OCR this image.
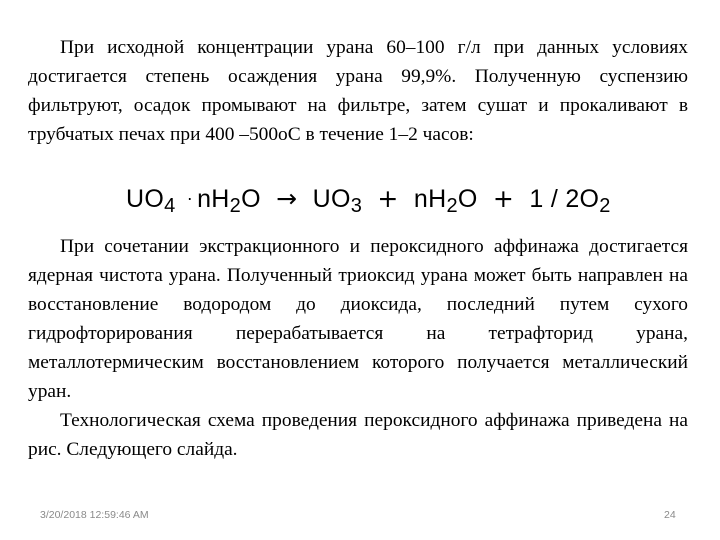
При исходной концентрации урана 60–100 г/л при данных условиях достигается степень осаждения урана 99,9%. Полученную суспензию фильтруют, осадок промывают на фильтре, затем сушат и прокаливают в трубчатых печах при 400 –500оС в течение 1–2 часов:

$UO_4 \cdot nH_2O \to UO_3 + nH_2O + 1 / 2O_2$

При сочетании экстракционного и пероксидного аффинажа достигается ядерная чистота урана. Полученный триоксид урана может быть направлен на восстановление водородом до диоксида, последний путем сухого гидрофторирования перерабатывается на тетрафторид урана, металлотермическим восстановлением которого получается металлический уран.

Технологическая схема проведения пероксидного аффинажа приведена на рис. Следующего слайда.

3/20/2018 12:59:46 AM	24
